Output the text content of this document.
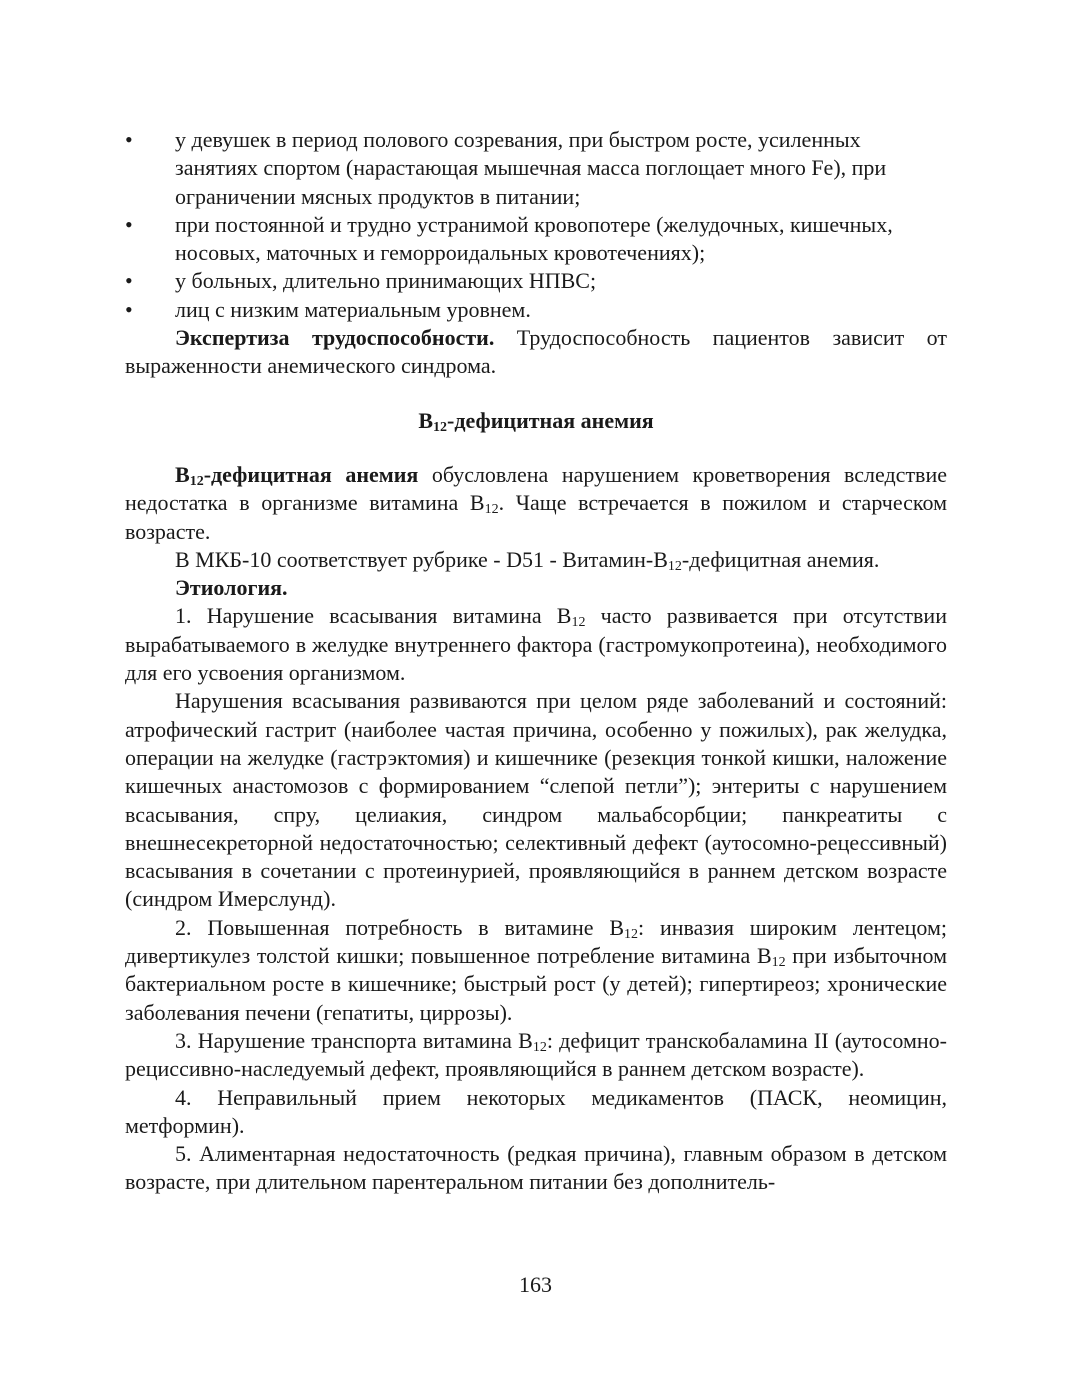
• у девушек в период полового созревания, при быстром росте, усиленных занятиях спортом (нарастающая мышечная масса поглощает много Fe), при ограничении мясных продуктов в питании;
• при постоянной и трудно устранимой кровопотере (желудочных, кишечных, носовых, маточных и геморроидальных кровотечениях);
• у больных, длительно принимающих НПВС;
• лиц с низким материальным уровнем.

Экспертиза трудоспособности. Трудоспособность пациентов зависит от выраженности анемического синдрома.

$B_{12}$-дефицитная анемия

$B_{12}$-дефицитная анемия обусловлена нарушением кроветворения вследствие недостатка в организме витамина $B_{12}$. Чаще встречается в пожилом и старческом возрасте.

В МКБ-10 соответствует рубрике - D51 - Витамин-$B_{12}$-дефицитная анемия.

Этиология.

1. Нарушение всасывания витамина $B_{12}$ часто развивается при отсутствии вырабатываемого в желудке внутреннего фактора (гастромукопротеина), необходимого для его усвоения организмом.

Нарушения всасывания развиваются при целом ряде заболеваний и состояний: атрофический гастрит (наиболее частая причина, особенно у пожилых), рак желудка, операции на желудке (гастрэктомия) и кишечнике (резекция тонкой кишки, наложение кишечных анастомозов с формированием “слепой петли”); энтериты с нарушением всасывания, спру, целиакия, синдром мальабсорбции; панкреатиты с внешнесекреторной недостаточностью; селективный дефект (аутосомно-рецессивный) всасывания в сочетании с протеинурией, проявляющийся в раннем детском возрасте (синдром Имерслунд).

2. Повышенная потребность в витамине $B_{12}$: инвазия широким лентецом; дивертикулез толстой кишки; повышенное потребление витамина $B_{12}$ при избыточном бактериальном росте в кишечнике; быстрый рост (у детей); гипертиреоз; хронические заболевания печени (гепатиты, циррозы).

3. Нарушение транспорта витамина $B_{12}$: дефицит транскобаламина II (аутосомно-рециссивно-наследуемый дефект, проявляющийся в раннем детском возрасте).

4. Неправильный прием некоторых медикаментов (ПАСК, неомицин, метформин).

5. Алиментарная недостаточность (редкая причина), главным образом в детском возрасте, при длительном парентеральном питании без дополнитель-

163
